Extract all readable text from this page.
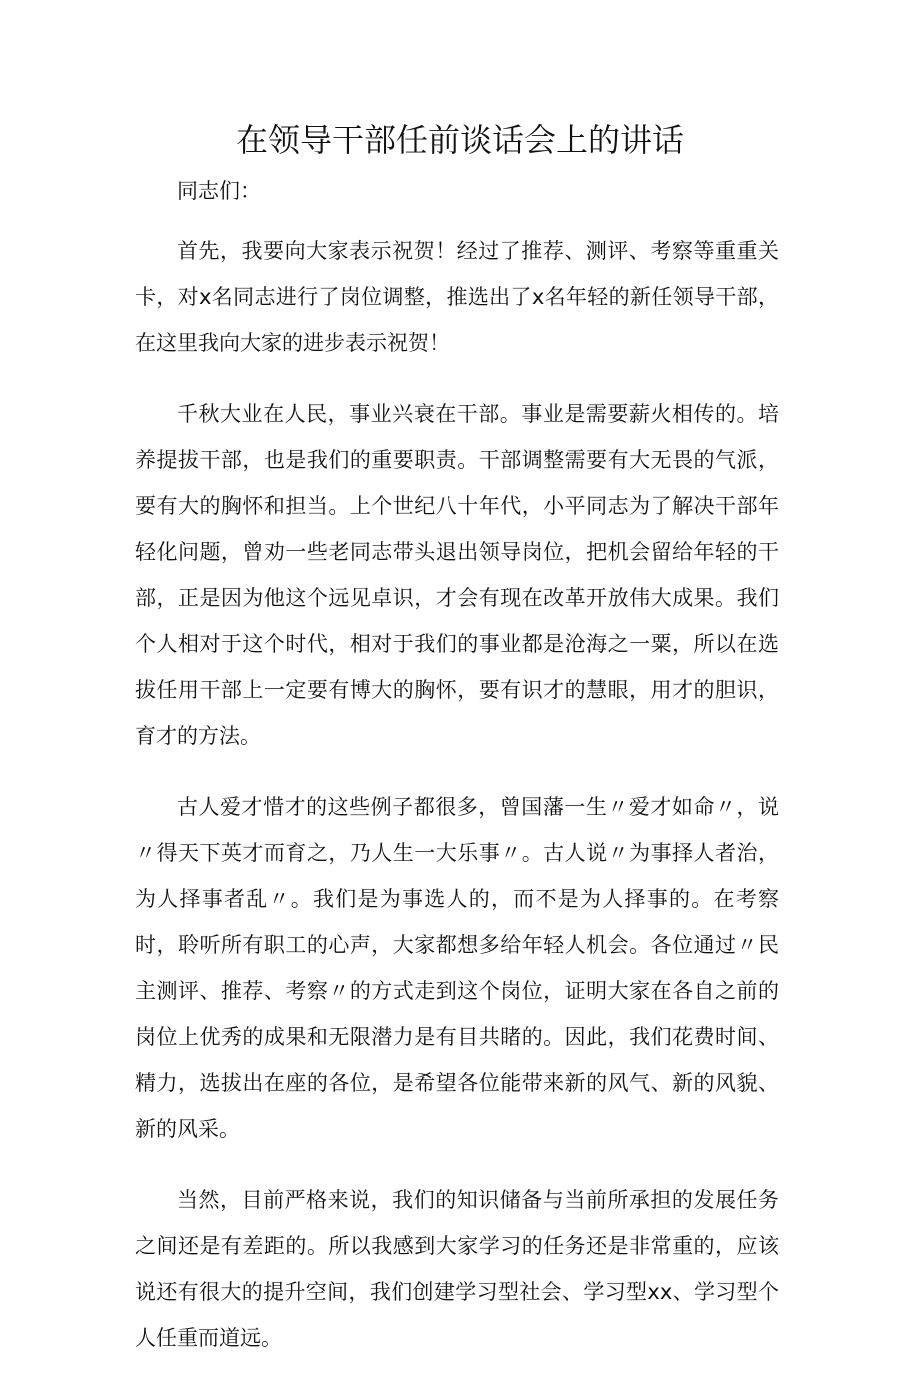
在领导干部任前谈话会上的讲话

同志们：

首先，我要向大家表示祝贺！经过了推荐、测评、考察等重重关卡，对x名同志进行了岗位调整，推选出了x名年轻的新任领导干部，在这里我向大家的进步表示祝贺！

千秋大业在人民，事业兴衰在干部。事业是需要薪火相传的。培养提拔干部，也是我们的重要职责。干部调整需要有大无畏的气派，要有大的胸怀和担当。上个世纪八十年代，小平同志为了解决干部年轻化问题，曾劝一些老同志带头退出领导岗位，把机会留给年轻的干部，正是因为他这个远见卓识，才会有现在改革开放伟大成果。我们个人相对于这个时代，相对于我们的事业都是沧海之一粟，所以在选拔任用干部上一定要有博大的胸怀，要有识才的慧眼，用才的胆识，育才的方法。

古人爱才惜才的这些例子都很多，曾国藩一生〃爱才如命〃，说〃得天下英才而育之，乃人生一大乐事〃。古人说〃为事择人者治，为人择事者乱〃。我们是为事选人的，而不是为人择事的。在考察时，聆听所有职工的心声，大家都想多给年轻人机会。各位通过〃民主测评、推荐、考察〃的方式走到这个岗位，证明大家在各自之前的岗位上优秀的成果和无限潜力是有目共睹的。因此，我们花费时间、精力，选拔出在座的各位，是希望各位能带来新的风气、新的风貌、新的风采。

当然，目前严格来说，我们的知识储备与当前所承担的发展任务之间还是有差距的。所以我感到大家学习的任务还是非常重的，应该说还有很大的提升空间，我们创建学习型社会、学习型xx、学习型个人任重而道远。
